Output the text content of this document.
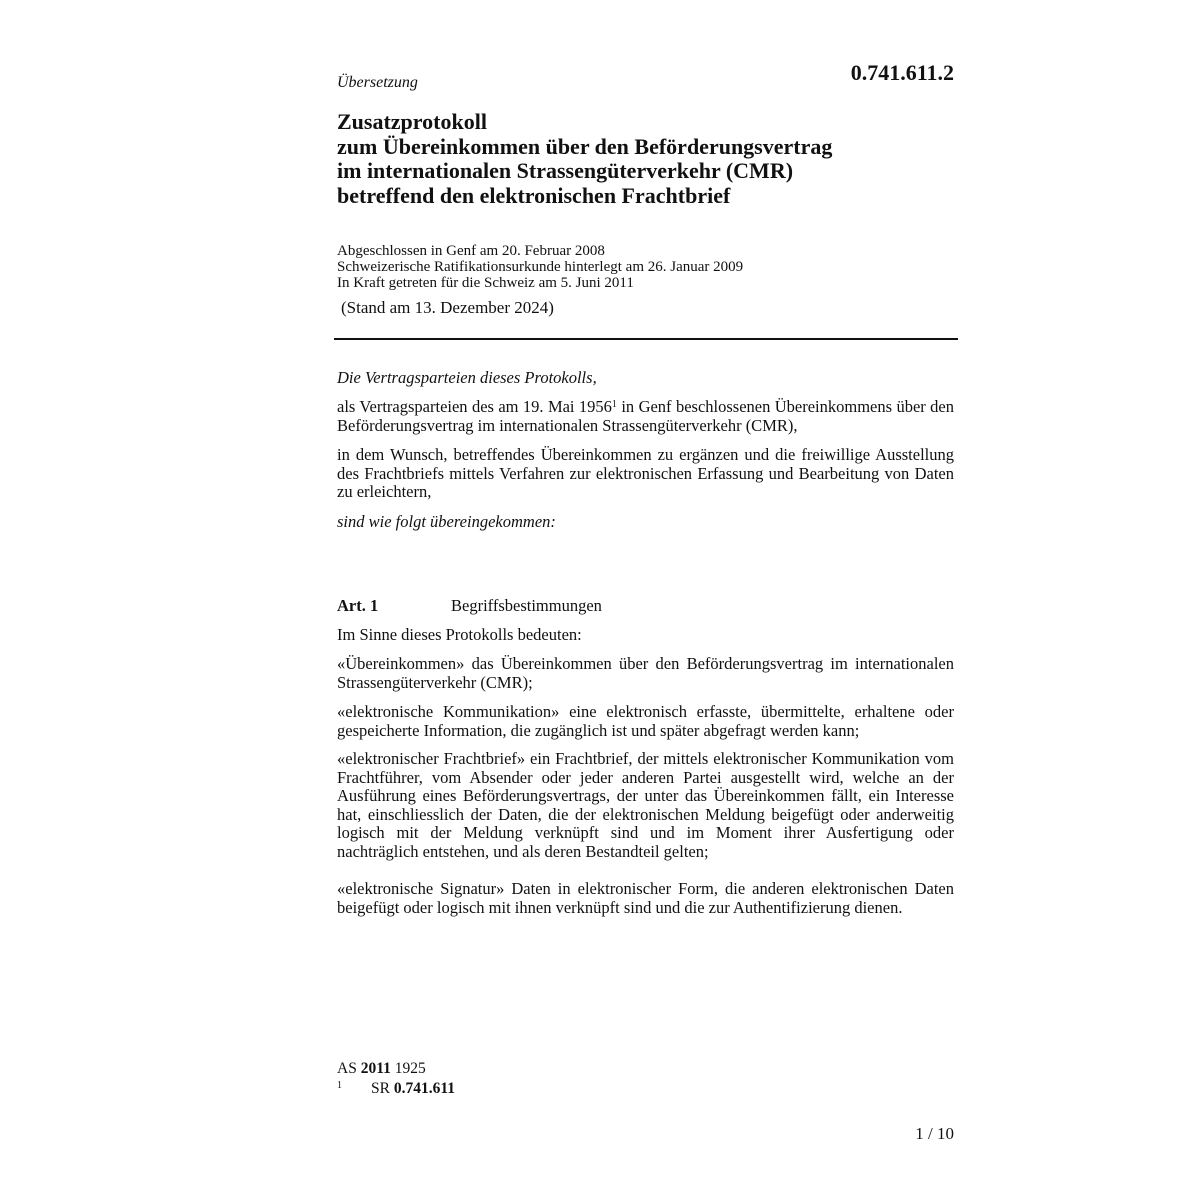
Übersetzung	0.741.611.2
Zusatzprotokoll
zum Übereinkommen über den Beförderungsvertrag
im internationalen Strassengüterverkehr (CMR)
betreffend den elektronischen Frachtbrief
Abgeschlossen in Genf am 20. Februar 2008
Schweizerische Ratifikationsurkunde hinterlegt am 26. Januar 2009
In Kraft getreten für die Schweiz am 5. Juni 2011
(Stand am 13. Dezember 2024)

Die Vertragsparteien dieses Protokolls,

als Vertragsparteien des am 19. Mai 1956$^1$ in Genf beschlossenen Übereinkommens über den Beförderungsvertrag im internationalen Strassengüterverkehr (CMR),

in dem Wunsch, betreffendes Übereinkommen zu ergänzen und die freiwillige Ausstellung des Frachtbriefs mittels Verfahren zur elektronischen Erfassung und Bearbeitung von Daten zu erleichtern,

sind wie folgt übereingekommen:

Art. 1	Begriffsbestimmungen

Im Sinne dieses Protokolls bedeuten:

«Übereinkommen» das Übereinkommen über den Beförderungsvertrag im internationalen Strassengüterverkehr (CMR);

«elektronische Kommunikation» eine elektronisch erfasste, übermittelte, erhaltene oder gespeicherte Information, die zugänglich ist und später abgefragt werden kann;

«elektronischer Frachtbrief» ein Frachtbrief, der mittels elektronischer Kommunikation vom Frachtführer, vom Absender oder jeder anderen Partei ausgestellt wird, welche an der Ausführung eines Beförderungsvertrags, der unter das Übereinkommen fällt, ein Interesse hat, einschliesslich der Daten, die der elektronischen Meldung beigefügt oder anderweitig logisch mit der Meldung verknüpft sind und im Moment ihrer Ausfertigung oder nachträglich entstehen, und als deren Bestandteil gelten;

«elektronische Signatur» Daten in elektronischer Form, die anderen elektronischen Daten beigefügt oder logisch mit ihnen verknüpft sind und die zur Authentifizierung dienen.

AS 2011 1925
1 SR 0.741.611
1 / 10
